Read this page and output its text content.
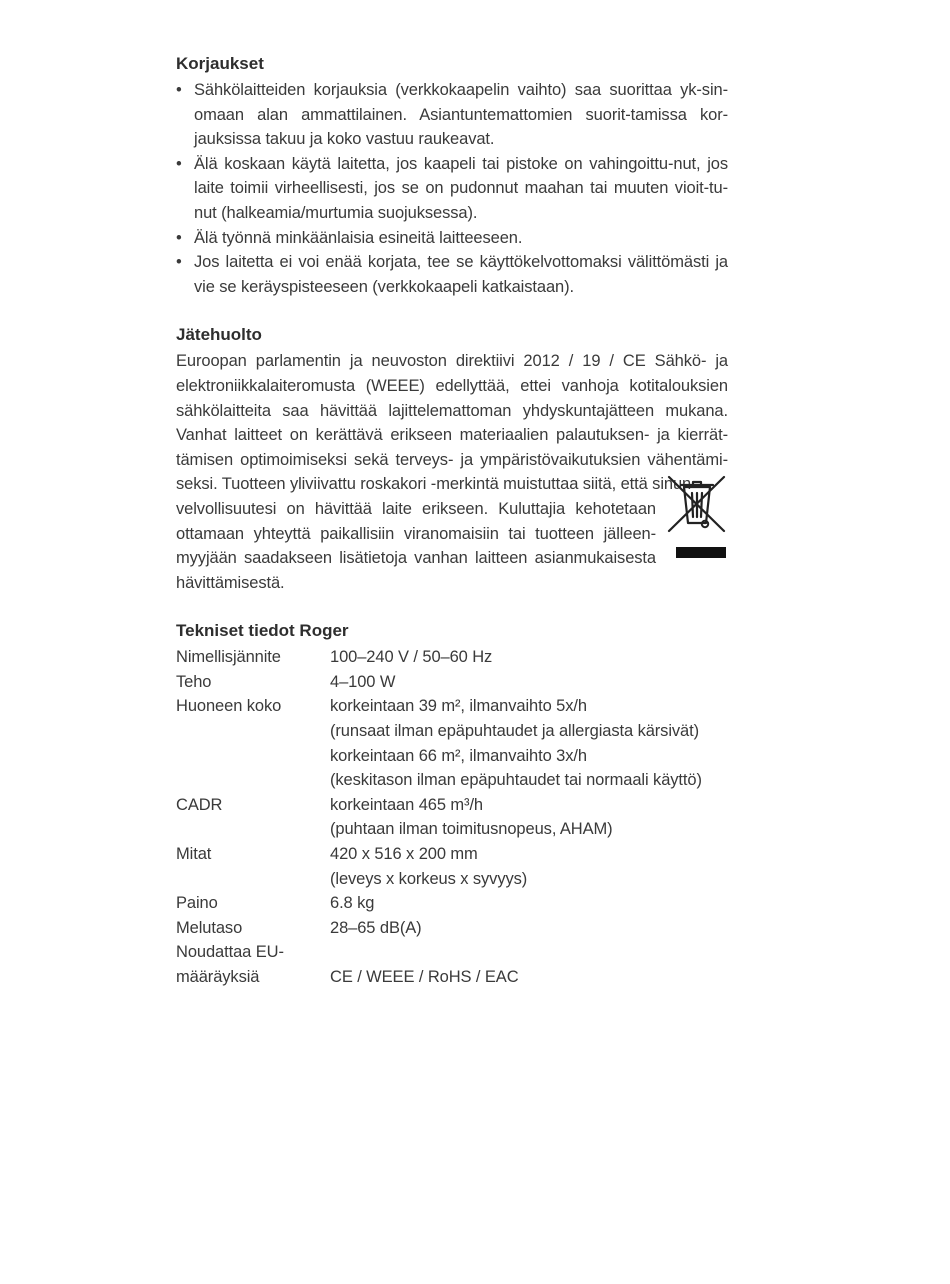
Korjaukset
• Sähkölaitteiden korjauksia (verkkokaapelin vaihto) saa suorittaa yk-sin-omaan alan ammattilainen. Asiantuntemattomien suorit-tamissa kor-jauksissa takuu ja koko vastuu raukeavat.
• Älä koskaan käytä laitetta, jos kaapeli tai pistoke on vahingoittu-nut, jos laite toimii virheellisesti, jos se on pudonnut maahan tai muuten vioit-tu-nut (halkeamia/murtumia suojuksessa).
• Älä työnnä minkäänlaisia esineitä laitteeseen.
• Jos laitetta ei voi enää korjata, tee se käyttökelvottomaksi välittömästi ja vie se keräyspisteeseen (verkkokaapeli katkaistaan).
Jätehuolto

Euroopan parlamentin ja neuvoston direktiivi 2012 / 19 / CE Sähkö- ja elektroniikkalaiteromusta (WEEE) edellyttää, ettei vanhoja kotitalouksien sähkölaitteita saa hävittää lajittelemattoman yhdyskuntajätteen mukana. Vanhat laitteet on kerättävä erikseen materiaalien palautuksen- ja kierrät-tämisen optimoimiseksi sekä terveys- ja ympäristövaikutuksien vähentämi-seksi. Tuotteen yliviivattu roskakori -merkintä muistuttaa siitä, että sinun

velvollisuutesi on hävittää laite erikseen. Kuluttajia kehotetaan ottamaan yhteyttä paikallisiin viranomaisiin tai tuotteen jälleen-myyjään saadakseen lisätietoja vanhan laitteen asianmukaisesta hävittämisestä.

Tekniset tiedot Roger
Nimellisjännite	100–240 V / 50–60 Hz
Teho	4–100 W
Huoneen koko	korkeintaan 39 m², ilmanvaihto 5x/h
(runsaat ilman epäpuhtaudet ja allergiasta kärsivät)
korkeintaan 66 m², ilmanvaihto 3x/h
(keskitason ilman epäpuhtaudet tai normaali käyttö)
CADR	korkeintaan 465 m³/h
(puhtaan ilman toimitusnopeus, AHAM)
Mitat	420 x 516 x 200 mm
(leveys x korkeus x syvyys)
Paino	6.8 kg
Melutaso	28–65 dB(A)
Noudattaa EU-
määräyksiä
	CE / WEEE / RoHS / EAC
